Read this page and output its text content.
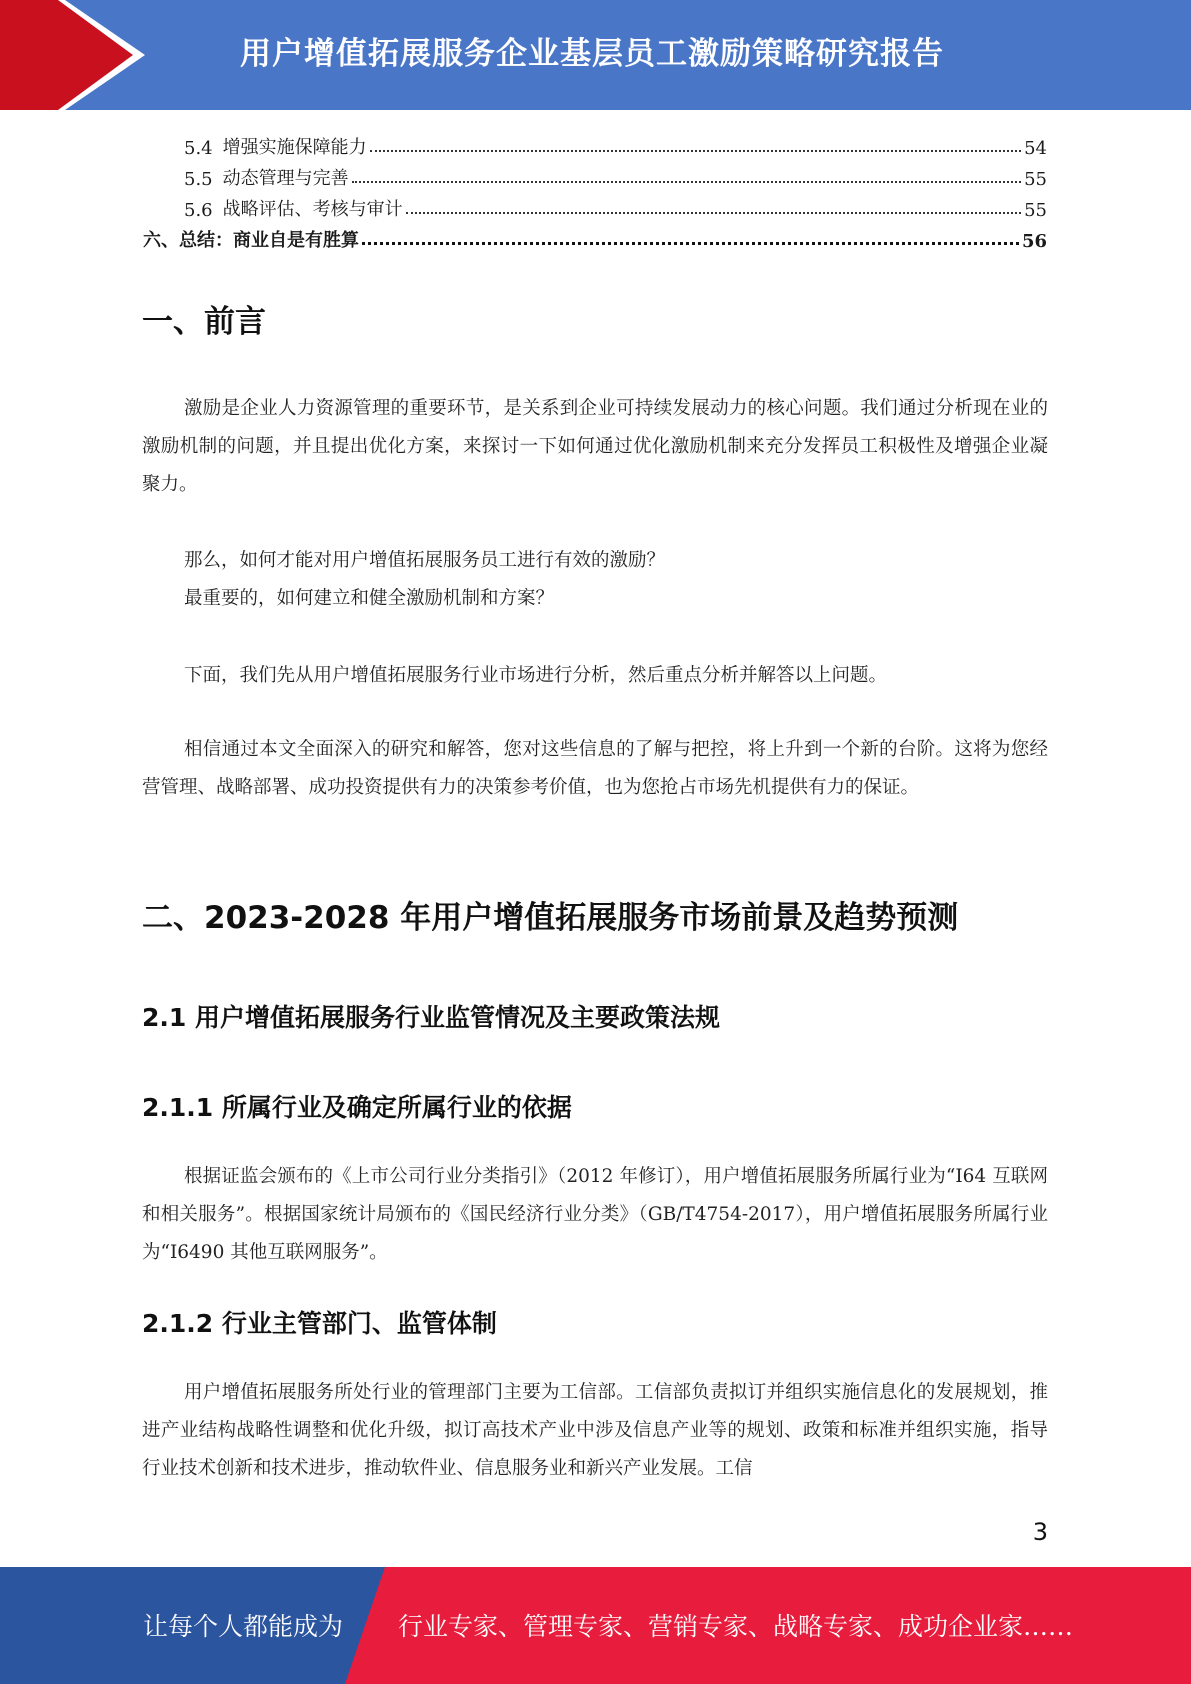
用户增值拓展服务企业基层员工激励策略研究报告
5.4 增强实施保障能力	54
5.5 动态管理与完善	55
5.6 战略评估、考核与审计	55
六、总结：商业自是有胜算	56
一、前言
激励是企业人力资源管理的重要环节，是关系到企业可持续发展动力的核心问题。我们通过分析现在业的激励机制的问题，并且提出优化方案，来探讨一下如何通过优化激励机制来充分发挥员工积极性及增强企业凝聚力。
那么，如何才能对用户增值拓展服务员工进行有效的激励？
最重要的，如何建立和健全激励机制和方案？
下面，我们先从用户增值拓展服务行业市场进行分析，然后重点分析并解答以上问题。
相信通过本文全面深入的研究和解答，您对这些信息的了解与把控，将上升到一个新的台阶。这将为您经营管理、战略部署、成功投资提供有力的决策参考价值，也为您抢占市场先机提供有力的保证。
二、2023-2028 年用户增值拓展服务市场前景及趋势预测
2.1 用户增值拓展服务行业监管情况及主要政策法规
2.1.1 所属行业及确定所属行业的依据
根据证监会颁布的《上市公司行业分类指引》（2012 年修订），用户增值拓展服务所属行业为“I64 互联网和相关服务”。根据国家统计局颁布的《国民经济行业分类》（GB/T4754-2017），用户增值拓展服务所属行业为“I6490 其他互联网服务”。
2.1.2 行业主管部门、监管体制
用户增值拓展服务所处行业的管理部门主要为工信部。工信部负责拟订并组织实施信息化的发展规划，推进产业结构战略性调整和优化升级，拟订高技术产业中涉及信息产业等的规划、政策和标准并组织实施，指导行业技术创新和技术进步，推动软件业、信息服务业和新兴产业发展。工信
3
让每个人都能成为 行业专家、管理专家、营销专家、战略专家、成功企业家……
